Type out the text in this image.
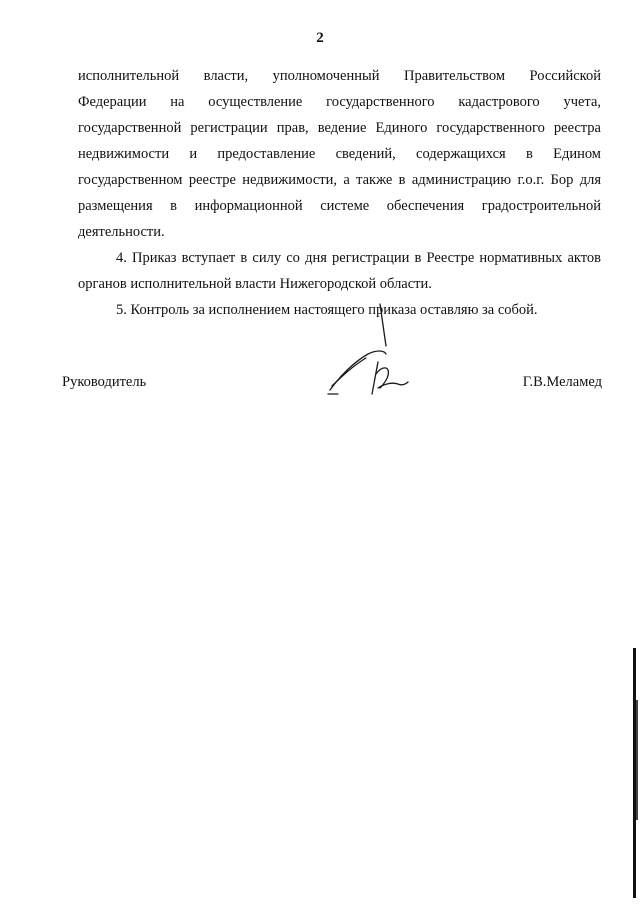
2
исполнительной власти, уполномоченный Правительством Российской
Федерации на осуществление государственного кадастрового учета,
государственной регистрации прав, ведение Единого государственного реестра
недвижимости и предоставление сведений, содержащихся в Едином
государственном реестре недвижимости, а также в администрацию г.о.г. Бор для
размещения в информационной системе обеспечения градостроительной
деятельности.
4. Приказ вступает в силу со дня регистрации в Реестре нормативных актов
органов исполнительной власти Нижегородской области.
5. Контроль за исполнением настоящего приказа оставляю за собой.
Руководитель	Г.В.Меламед
